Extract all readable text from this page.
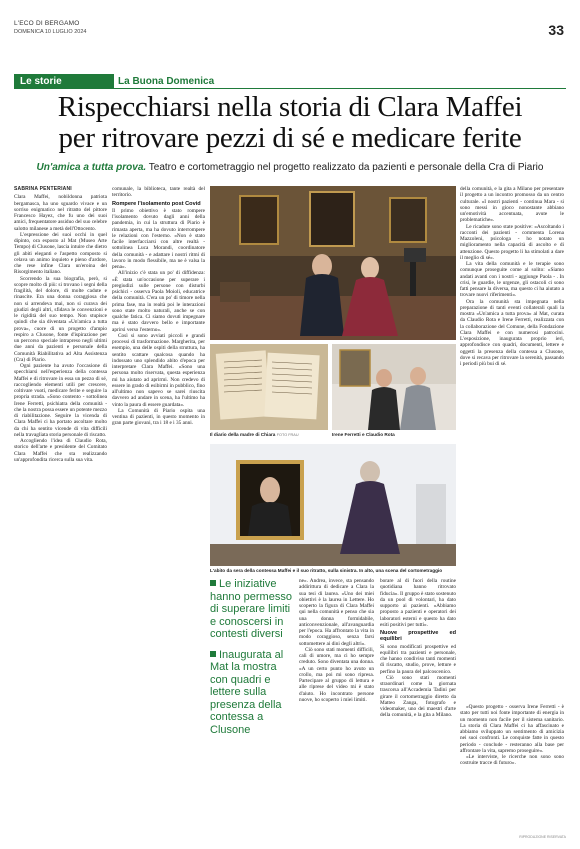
L'ECO DI BERGAMO
DOMENICA 10 LUGLIO 2024	33
Le storie	La Buona Domenica
Rispecchiarsi nella storia di Clara Maffei
per ritrovare pezzi di sé e medicare ferite
Un'amica a tutta prova. Teatro e cortometraggio nel progetto realizzato da pazienti e personale della Cra di Piario
SABRINA PENTERIANI

Clara Maffei, nobildonna patriota bergamasca, ha uno sguardo vivace e un sorriso enigmatico nel ritratto del pittore Francesco Hayez, che fu uno dei suoi amici, frequentatore assiduo del suo celebre salotto milanese a metà dell'Ottocento.

L'espressione dei suoi occhi in quel dipinto, ora esposto al Mat (Museo Arte Tempo) di Clusone, lascia intuire che dietro gli abiti eleganti e l'aspetto composto si celava un animo inquieto e pieno d'ardore, che rese infine Clara un'eroina del Risorgimento italiano.

Scorrendo la sua biografia, però, si scopre molto di più: si trovano i segni della fragilità, del dolore, di molte cadute e rinascite. Era una donna coraggiosa che non si arrendeva mai, non si curava dei giudizi degli altri, sfidava le convenzioni e le rigidità del suo tempo. Non stupisce quindi che sia diventata «Un'amica a tutta prova», cuore di un progetto d'ampio respiro a Clusone, fonte d'ispirazione per un percorso speciale intrapreso negli ultimi due anni da pazienti e personale della Comunità Riabilitativa ad Alta Assistenza (Cra) di Piario.

Ogni paziente ha avuto l'occasione di specchiarsi nell'esperienza della contessa Maffei e di ritrovare in essa un pezzo di sé, raccogliendo elementi utili per crescere, coltivare vuoti, medicare ferite e seguire la propria strada. «Sono contento - sottolinea Irene Ferretti, psichiatra della comunità - che la nostra possa essere un potente mezzo di riabilitazione. Seguire la vicenda di Clara Maffei ci ha portato ascoltare molto da chi ha sentito vicende di vita difficili nella travagliata storia personale di riscatto.

Accogliendo l'idea di Claudio Rota, storico dell'arte e presidente del Comitato Clara Maffei che sta realizzando un'approfondita ricerca sulla sua vita.

comunale, la biblioteca, tante realtà del territorio.

Rompere l'isolamento post Covid

Il primo obiettivo è stato rompere l'isolamento dovuto dagli anni della pandemia, in cui la struttura di Piario è rimasta aperta, ma ha dovuto interrompere le relazioni con l'esterno. «Non è stato facile interfacciarsi con altre realtà - sottolinea Luca Morandi, coordinatore della comunità - e adattare i nostri ritmi di lavoro in modo flessibile, ma ne è valsa la pena».

All'inizio c'è stata un po' di diffidenza: «È stata un'occasione per superare i pregiudizi sulle persone con disturbi psichici - osserva Paola Moioli, educatrice della comunità. C'era un po' di timore nella prima fase, ma in realtà poi le interazioni sono state molto naturali, anche se con qualche fatica. Ci siamo dovuti impegnare ma è stato davvero bello e importante aprirsi verso l'esterno».

Così si sono avviati piccoli e grandi processi di trasformazione. Margherita, per esempio, una delle ospiti della struttura, ha sentito scattare qualcosa quando ha indossato uno splendido abito d'epoca per interpretare Clara Maffei. «Sono una persona molto riservata, questa esperienza mi ha aiutato ad aprirmi. Non credevo di essere in grado di esibirmi in pubblico, fino all'ultimo non sapevo se sarei riuscita davvero ad andare in scena, ha l'ultimo ha vinto la paura di essere guardata».

La Comunità di Piario ospita una ventina di pazienti, in questo momento in gran parte giovani, tra i 18 e i 35 anni.

Il diario della madre di Chiara FOTO FRAU	Irene Ferretti e Claudio Rota
L'abito da sera della contessa Maffei e il suo ritratto, sulla sinistra. In alto, una scena del cortometraggio
Le iniziative hanno permesso di superare limiti e conoscersi in contesti diversi
Inaugurata al Mat la mostra con quadri e lettere sulla presenza della contessa a Clusone

ne». Andrea, invece, sta pensando addirittura di dedicare a Clara la sua tesi di laurea. «Uno dei miei obiettivi è la laurea in Lettere. Ho scoperto la figura di Clara Maffei qui nella comunità e penso che sia una donna formidabile, anticonvenzionale, all'avanguardia per l'epoca. Ha affrontato la vita in modo coraggioso, senza farsi sottomettere ai dini degli altri».

Ciò sono stati momenti difficili, cali di umore, ma ci ho sempre creduto. Sono diventata una donna. «A un certo punto ho avuto un crollo, ma poi mi sono ripresa. Partecipare al gruppo di lettura e alle riprese del video mi è stato d'aiuto. Ho incontrato persone nuove, ho scoperto i miei limiti.

borare al di fuori della routine quotidiana hanno ritrovato fiducia». Il gruppo è stato sostenuto da un pool di volontari, ha dato supporto ai pazienti. «Abbiamo proposto a pazienti e operatori dei laboratori esterni e questo ha dato esiti positivi per tutti».

Nuove prospettive ed equilibri

Si sono modificati prospettive ed equilibri tra pazienti e personale, che hanno condiviso tanti momenti di riscatto, studio, prove, letture e perfino la paura del palcoscenico.

Ciò sono stati momenti straordinari come la giornata trascorsa all'Accademia Tadini per girare il cortometraggio diretto da Matteo Zanga, fotografo e videomaker, uno dei maestri d'arte della comunità, e la gita a Milano.

della comunità, e la gita a Milano per presentare il progetto a un incontro promosso da un centro culturale. «I nostri pazienti - continua Mara - si sono messi in gioco nonostante abbiano un'emotività accentuata, avute le problematiche».

Le ricadute sono state positive: «Ascoltando i racconti dei pazienti - commenta Lorena Mazzoleni, psicologa - ho notato un miglioramento nella capacità di ascolto e di attenzione. Questo progetto li ha stimolati a dare il meglio di sé».

La vita della comunità e le terapie sono comunque proseguite come al solito: «Siamo andati avanti con i nostri - aggiunge Paola - . In crisi, le guardie, le urgenze, gli ostacoli ci sono fatti pensare la diversa, ma questo ci ha aiutato a trovare nuovi riferimenti».

Ora la comunità sta impegnata nella preparazione di tanti eventi collaterali quali la mostra «Un'amica a tutta prova» al Mat, curata da Claudio Rota e Irene Ferretti, realizzata con la collaborazione del Comune, della Fondazione Clara Maffei e con numerosi patrocini. L'esposizione, inaugurata proprio ieri, approfondisce con quadri, documenti, lettere e oggetti la presenza della contessa a Clusone, dove si recava per ritrovare la serenità, passando i periodi più bui di sé.

«Questo progetto - osserva Irene Ferretti - è stato per tutti noi fonte importante di energia in un momento non facile per il sistema sanitario. La storia di Clara Maffei ci ha affascinato e abbiamo sviluppato un sentimento di amicizia nei suoi confronti. Le conquiste fatte in questo periodo - conclude - resteranno alla base per affrontare la vita, sapremo proseguire».

«Le interviste, le ricerche non sono sono costruite tracce di futuro».

RIPRODUZIONE RISERVATA
